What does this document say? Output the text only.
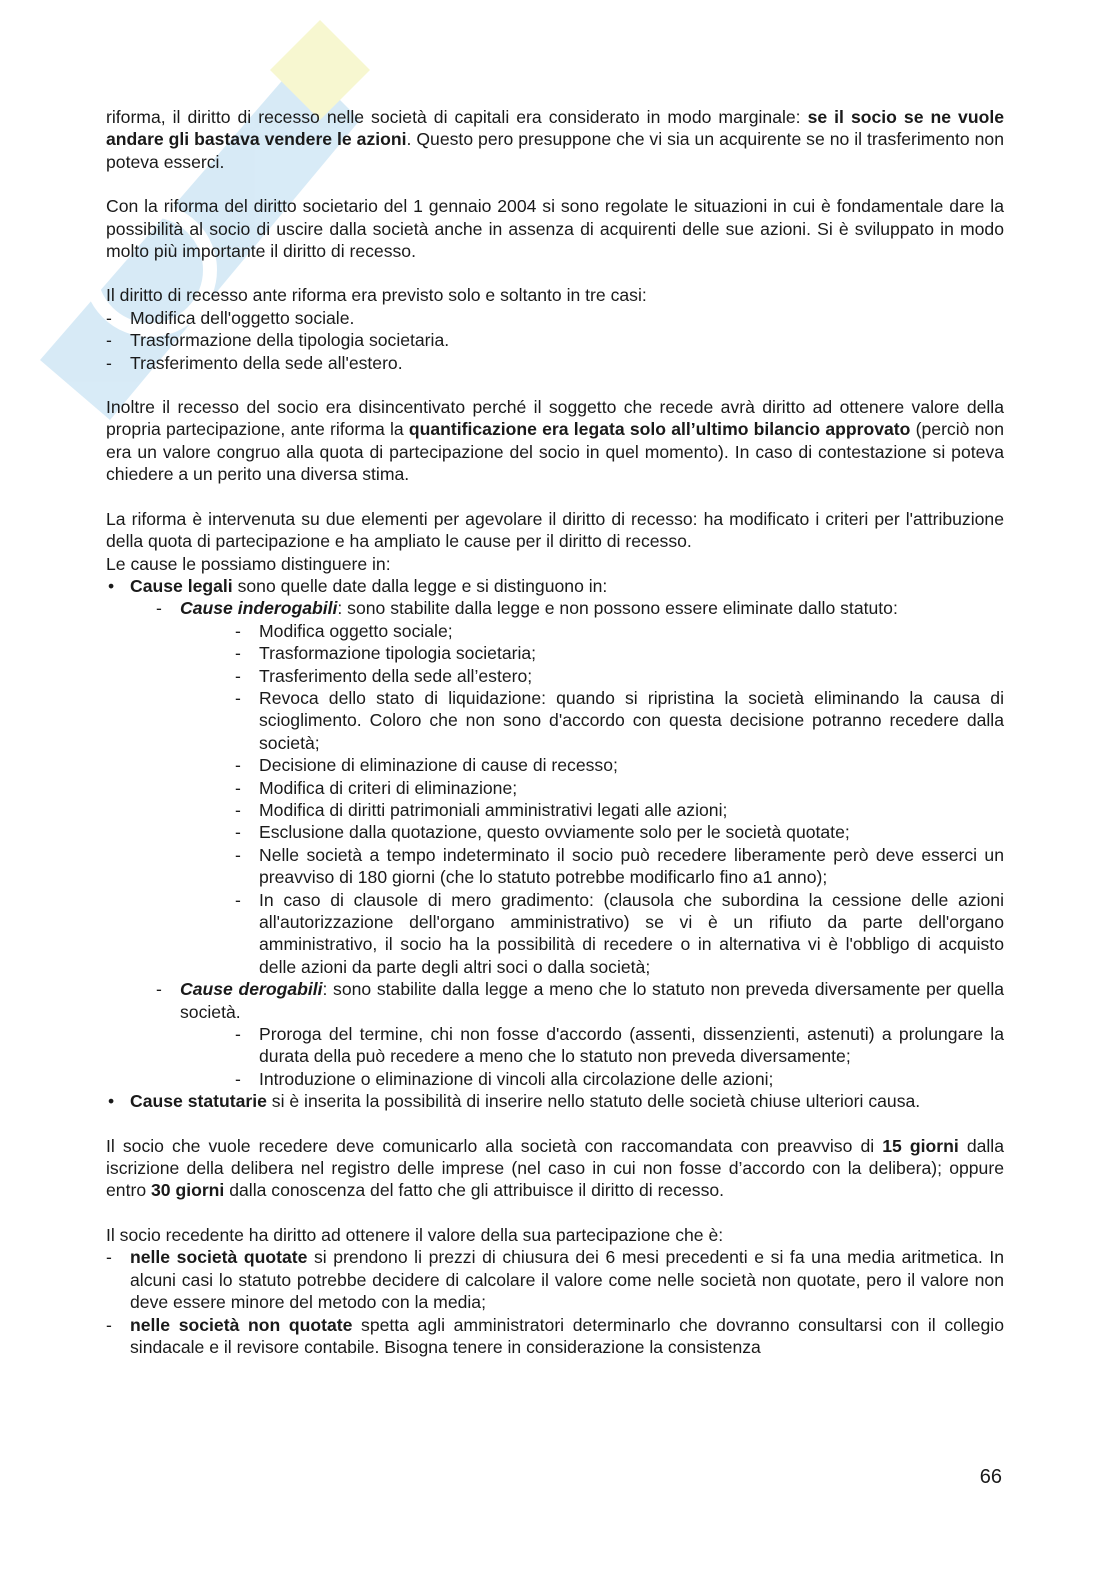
riforma, il diritto di recesso nelle società di capitali era considerato in modo marginale: se il socio se ne vuole andare gli bastava vendere le azioni. Questo pero presuppone che vi sia un acquirente se no il trasferimento non poteva esserci.

Con la riforma del diritto societario del 1 gennaio 2004 si sono regolate le situazioni in cui è fondamentale dare la possibilità al socio di uscire dalla società anche in assenza di acquirenti delle sue azioni. Si è sviluppato in modo molto più importante il diritto di recesso.

Il diritto di recesso ante riforma era previsto solo e soltanto in tre casi:

- Modifica dell'oggetto sociale.
- Trasformazione della tipologia societaria.
- Trasferimento della sede all'estero.

Inoltre il recesso del socio era disincentivato perché il soggetto che recede avrà diritto ad ottenere valore della propria partecipazione, ante riforma la quantificazione era legata solo all’ultimo bilancio approvato (perciò non era un valore congruo alla quota di partecipazione del socio in quel momento). In caso di contestazione si poteva chiedere a un perito una diversa stima.

La riforma è intervenuta su due elementi per agevolare il diritto di recesso: ha modificato i criteri per l'attribuzione della quota di partecipazione e ha ampliato le cause per il diritto di recesso.

Le cause le possiamo distinguere in:

• Cause legali sono quelle date dalla legge e si distinguono in:
- Cause inderogabili: sono stabilite dalla legge e non possono essere eliminate dallo statuto:
- Modifica oggetto sociale;
- Trasformazione tipologia societaria;
- Trasferimento della sede all’estero;
- Revoca dello stato di liquidazione: quando si ripristina la società eliminando la causa di scioglimento. Coloro che non sono d'accordo con questa decisione potranno recedere dalla società;
- Decisione di eliminazione di cause di recesso;
- Modifica di criteri di eliminazione;
- Modifica di diritti patrimoniali amministrativi legati alle azioni;
- Esclusione dalla quotazione, questo ovviamente solo per le società quotate;
- Nelle società a tempo indeterminato il socio può recedere liberamente però deve esserci un preavviso di 180 giorni (che lo statuto potrebbe modificarlo fino a1 anno);
- In caso di clausole di mero gradimento: (clausola che subordina la cessione delle azioni all'autorizzazione dell'organo amministrativo) se vi è un rifiuto da parte dell'organo amministrativo, il socio ha la possibilità di recedere o in alternativa vi è l'obbligo di acquisto delle azioni da parte degli altri soci o dalla società;
- Cause derogabili: sono stabilite dalla legge a meno che lo statuto non preveda diversamente per quella società.
- Proroga del termine, chi non fosse d'accordo (assenti, dissenzienti, astenuti) a prolungare la durata della può recedere a meno che lo statuto non preveda diversamente;
- Introduzione o eliminazione di vincoli alla circolazione delle azioni;
• Cause statutarie si è inserita la possibilità di inserire nello statuto delle società chiuse ulteriori causa.

Il socio che vuole recedere deve comunicarlo alla società con raccomandata con preavviso di 15 giorni dalla iscrizione della delibera nel registro delle imprese (nel caso in cui non fosse d’accordo con la delibera); oppure entro 30 giorni dalla conoscenza del fatto che gli attribuisce il diritto di recesso.

Il socio recedente ha diritto ad ottenere il valore della sua partecipazione che è:

- nelle società quotate si prendono li prezzi di chiusura dei 6 mesi precedenti e si fa una media aritmetica. In alcuni casi lo statuto potrebbe decidere di calcolare il valore come nelle società non quotate, pero il valore non deve essere minore del metodo con la media;
- nelle società non quotate spetta agli amministratori determinarlo che dovranno consultarsi con il collegio sindacale e il revisore contabile. Bisogna tenere in considerazione la consistenza
66
